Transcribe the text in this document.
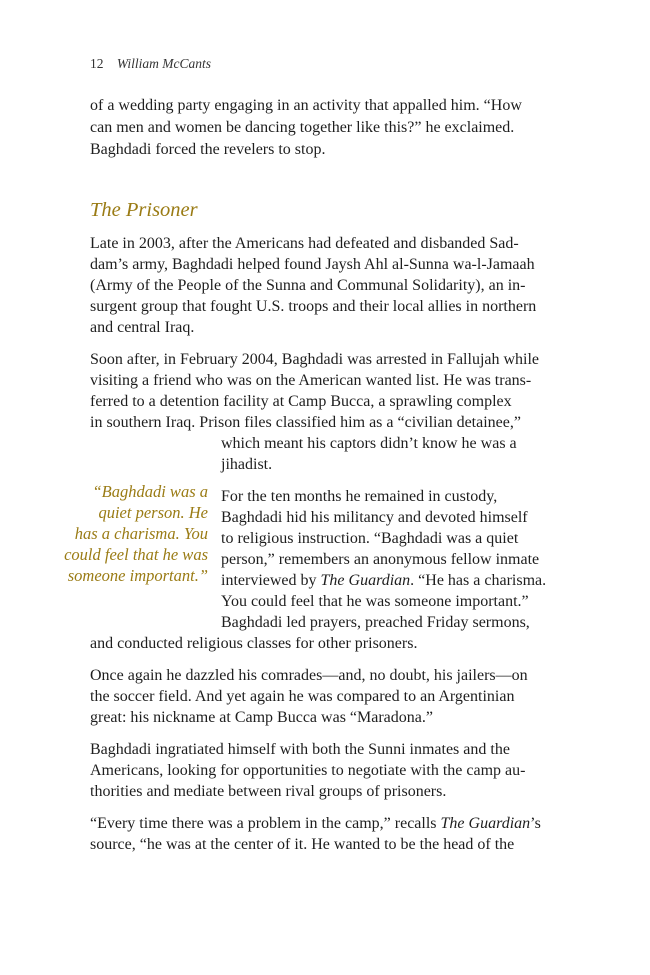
12 William McCants
of a wedding party engaging in an activity that appalled him. “How
can men and women be dancing together like this?” he exclaimed.
Baghdadi forced the revelers to stop.
The Prisoner
Late in 2003, after the Americans had defeated and disbanded Sad-
dam’s army, Baghdadi helped found Jaysh Ahl al-Sunna wa-l-Jamaah
(Army of the People of the Sunna and Communal Solidarity), an in-
surgent group that fought U.S. troops and their local allies in northern
and central Iraq.
Soon after, in February 2004, Baghdadi was arrested in Fallujah while
visiting a friend who was on the American wanted list. He was trans-
ferred to a detention facility at Camp Bucca, a sprawling complex
in southern Iraq. Prison files classified him as a “civilian detainee,”
which meant his captors didn’t know he was a
jihadist.
“Baghdadi was a
quiet person. He
has a charisma. You
could feel that he was
someone important.”
For the ten months he remained in custody,
Baghdadi hid his militancy and devoted himself
to religious instruction. “Baghdadi was a quiet
person,” remembers an anonymous fellow inmate
interviewed by The Guardian. “He has a charisma.
You could feel that he was someone important.”
Baghdadi led prayers, preached Friday sermons,
and conducted religious classes for other prisoners.
Once again he dazzled his comrades—and, no doubt, his jailers—on
the soccer field. And yet again he was compared to an Argentinian
great: his nickname at Camp Bucca was “Maradona.”
Baghdadi ingratiated himself with both the Sunni inmates and the
Americans, looking for opportunities to negotiate with the camp au-
thorities and mediate between rival groups of prisoners.
“Every time there was a problem in the camp,” recalls The Guardian’s
source, “he was at the center of it. He wanted to be the head of the
